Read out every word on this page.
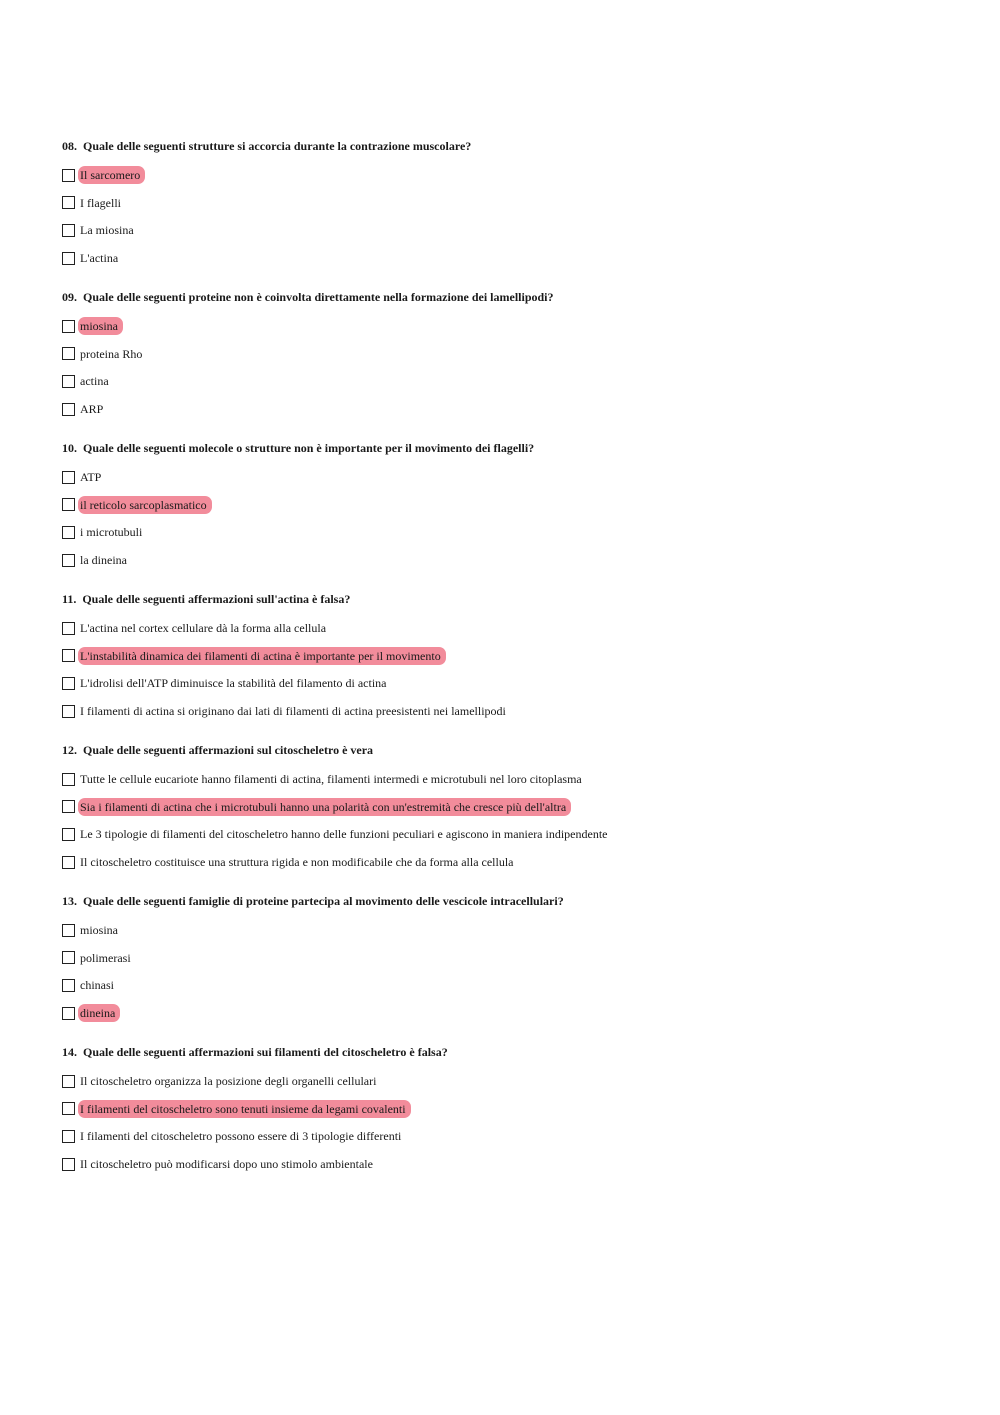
08. Quale delle seguenti strutture si accorcia durante la contrazione muscolare?
Il sarcomero
I flagelli
La miosina
L'actina
09. Quale delle seguenti proteine non è coinvolta direttamente nella formazione dei lamellipodi?
miosina
proteina Rho
actina
ARP
10. Quale delle seguenti molecole o strutture non è importante per il movimento dei flagelli?
ATP
il reticolo sarcoplasmatico
i microtubuli
la dineina
11. Quale delle seguenti affermazioni sull'actina è falsa?
L'actina nel cortex cellulare dà la forma alla cellula
L'instabilità dinamica dei filamenti di actina è importante per il movimento
L'idrolisi dell'ATP diminuisce la stabilità del filamento di actina
I filamenti di actina si originano dai lati di filamenti di actina preesistenti nei lamellipodi
12. Quale delle seguenti affermazioni sul citoscheletro è vera
Tutte le cellule eucariote hanno filamenti di actina, filamenti intermedi e microtubuli nel loro citoplasma
Sia i filamenti di actina che i microtubuli hanno una polarità con un'estremità che cresce più dell'altra
Le 3 tipologie di filamenti del citoscheletro hanno delle funzioni peculiari e agiscono in maniera indipendente
Il citoscheletro costituisce una struttura rigida e non modificabile che da forma alla cellula
13. Quale delle seguenti famiglie di proteine partecipa al movimento delle vescicole intracellulari?
miosina
polimerasi
chinasi
dineina
14. Quale delle seguenti affermazioni sui filamenti del citoscheletro è falsa?
Il citoscheletro organizza la posizione degli organelli cellulari
I filamenti del citoscheletro sono tenuti insieme da legami covalenti
I filamenti del citoscheletro possono essere di 3 tipologie differenti
Il citoscheletro può modificarsi dopo uno stimolo ambientale
